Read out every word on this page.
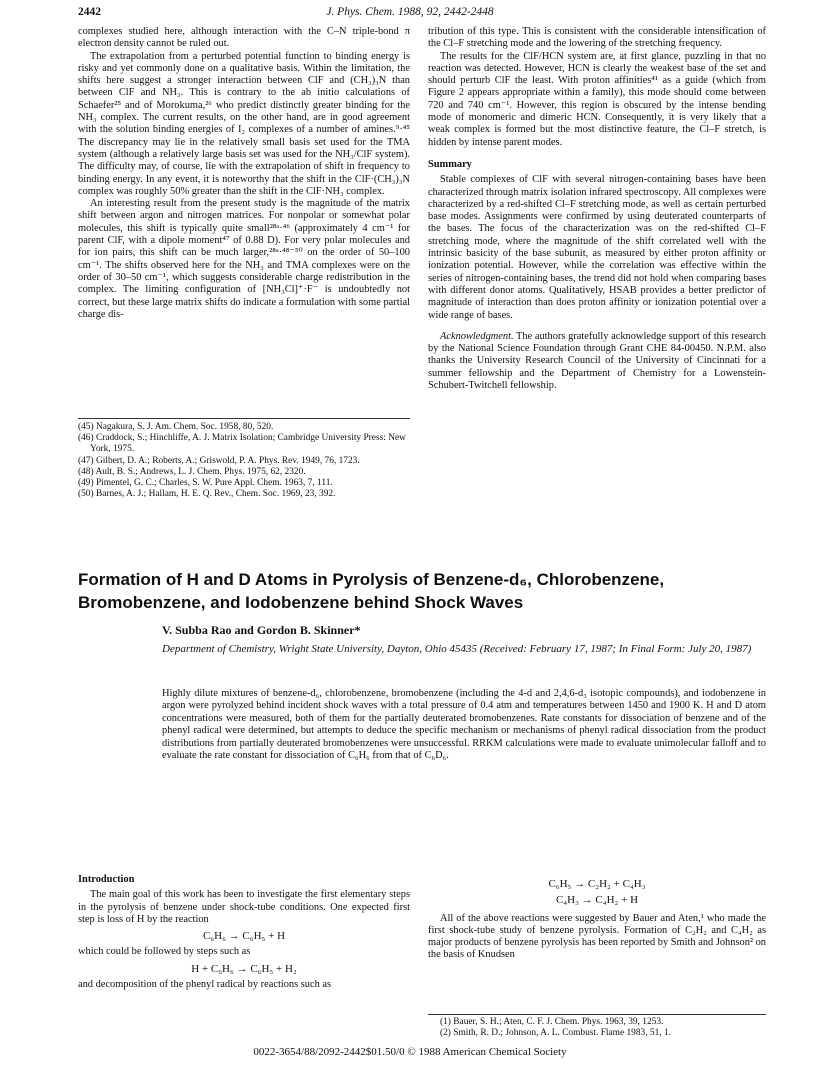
2442	J. Phys. Chem. 1988, 92, 2442-2448

complexes studied here, although interaction with the C–N triple-bond π electron density cannot be ruled out.

The extrapolation from a perturbed potential function to binding energy is risky and yet commonly done on a qualitative basis. Within the limitation, the shifts here suggest a stronger interaction between ClF and (CH₃)₃N than between ClF and NH₃. This is contrary to the ab initio calculations of Schaefer²⁵ and of Morokuma,²⁶ who predict distinctly greater binding for the NH₃ complex. The current results, on the other hand, are in good agreement with the solution binding energies of I₂ complexes of a number of amines.⁹·⁴⁵ The discrepancy may lie in the relatively small basis set used for the TMA system (although a relatively large basis set was used for the NH₃/ClF system). The difficulty may, of course, lie with the extrapolation of shift in frequency to binding energy. In any event, it is noteworthy that the shift in the ClF·(CH₃)₃N complex was roughly 50% greater than the shift in the ClF·NH₃ complex.

An interesting result from the present study is the magnitude of the matrix shift between argon and nitrogen matrices. For nonpolar or somewhat polar molecules, this shift is typically quite small²⁸ᵃ·⁴⁶ (approximately 4 cm⁻¹ for parent ClF, with a dipole moment⁴⁷ of 0.88 D). For very polar molecules and for ion pairs, this shift can be much larger,²⁸ᵃ·⁴⁸⁻⁵⁰ on the order of 50–100 cm⁻¹. The shifts observed here for the NH₃ and TMA complexes were on the order of 30–50 cm⁻¹, which suggests considerable charge redistribution in the complex. The limiting configuration of [NH₃Cl]⁺·F⁻ is undoubtedly not correct, but these large matrix shifts do indicate a formulation with some partial charge dis-

(45) Nagakura, S. J. Am. Chem. Soc. 1958, 80, 520.
(46) Craddock, S.; Hinchliffe, A. J. Matrix Isolation; Cambridge University Press: New York, 1975.
(47) Gilbert, D. A.; Roberts, A.; Griswold, P. A. Phys. Rev. 1949, 76, 1723.
(48) Ault, B. S.; Andrews, L. J. Chem. Phys. 1975, 62, 2320.
(49) Pimentel, G. C.; Charles, S. W. Pure Appl. Chem. 1963, 7, 111.
(50) Barnes, A. J.; Hallam, H. E. Q. Rev., Chem. Soc. 1969, 23, 392.

tribution of this type. This is consistent with the considerable intensification of the Cl–F stretching mode and the lowering of the stretching frequency.

The results for the ClF/HCN system are, at first glance, puzzling in that no reaction was detected. However, HCN is clearly the weakest base of the set and should perturb ClF the least. With proton affinities⁴¹ as a guide (which from Figure 2 appears appropriate within a family), this mode should come between 720 and 740 cm⁻¹. However, this region is obscured by the intense bending mode of monomeric and dimeric HCN. Consequently, it is very likely that a weak complex is formed but the most distinctive feature, the Cl–F stretch, is hidden by intense parent modes.

Summary

Stable complexes of ClF with several nitrogen-containing bases have been characterized through matrix isolation infrared spectroscopy. All complexes were characterized by a red-shifted Cl–F stretching mode, as well as certain perturbed base modes. Assignments were confirmed by using deuterated counterparts of the bases. The focus of the characterization was on the red-shifted Cl–F stretching mode, where the magnitude of the shift correlated well with the intrinsic basicity of the base subunit, as measured by either proton affinity or ionization potential. However, while the correlation was effective within the series of nitrogen-containing bases, the trend did not hold when comparing bases with different donor atoms. Qualitatively, HSAB provides a better predictor of magnitude of interaction than does proton affinity or ionization potential over a wide range of bases.

Acknowledgment. The authors gratefully acknowledge support of this research by the National Science Foundation through Grant CHE 84-00450. N.P.M. also thanks the University Research Council of the University of Cincinnati for a summer fellowship and the Department of Chemistry for a Lowenstein-Schubert-Twitchell fellowship.

Formation of H and D Atoms in Pyrolysis of Benzene-d₆, Chlorobenzene, Bromobenzene, and Iodobenzene behind Shock Waves
V. Subba Rao and Gordon B. Skinner*
Department of Chemistry, Wright State University, Dayton, Ohio 45435 (Received: February 17, 1987; In Final Form: July 20, 1987)
Highly dilute mixtures of benzene-d₆, chlorobenzene, bromobenzene (including the 4-d and 2,4,6-d₃ isotopic compounds), and iodobenzene in argon were pyrolyzed behind incident shock waves with a total pressure of 0.4 atm and temperatures between 1450 and 1900 K. H and D atom concentrations were measured, both of them for the partially deuterated bromobenzenes. Rate constants for dissociation of benzene and of the phenyl radical were determined, but attempts to deduce the specific mechanism or mechanisms of phenyl radical dissociation from the product distributions from partially deuterated bromobenzenes were unsuccessful. RRKM calculations were made to evaluate unimolecular falloff and to evaluate the rate constant for dissociation of C₆H₆ from that of C₆D₆.
Introduction

The main goal of this work has been to investigate the first elementary steps in the pyrolysis of benzene under shock-tube conditions. One expected first step is loss of H by the reaction

C₆H₆ → C₆H₅ + H

which could be followed by steps such as

H + C₆H₆ → C₆H₅ + H₂

and decomposition of the phenyl radical by reactions such as

C₆H₅ → C₂H₂ + C₄H₃
C₄H₃ → C₄H₂ + H

All of the above reactions were suggested by Bauer and Aten,¹ who made the first shock-tube study of benzene pyrolysis. Formation of C₂H₂ and C₄H₂ as major products of benzene pyrolysis has been reported by Smith and Johnson² on the basis of Knudsen

(1) Bauer, S. H.; Aten, C. F. J. Chem. Phys. 1963, 39, 1253.
(2) Smith, R. D.; Johnson, A. L. Combust. Flame 1983, 51, 1.
0022-3654/88/2092-2442$01.50/0 © 1988 American Chemical Society
